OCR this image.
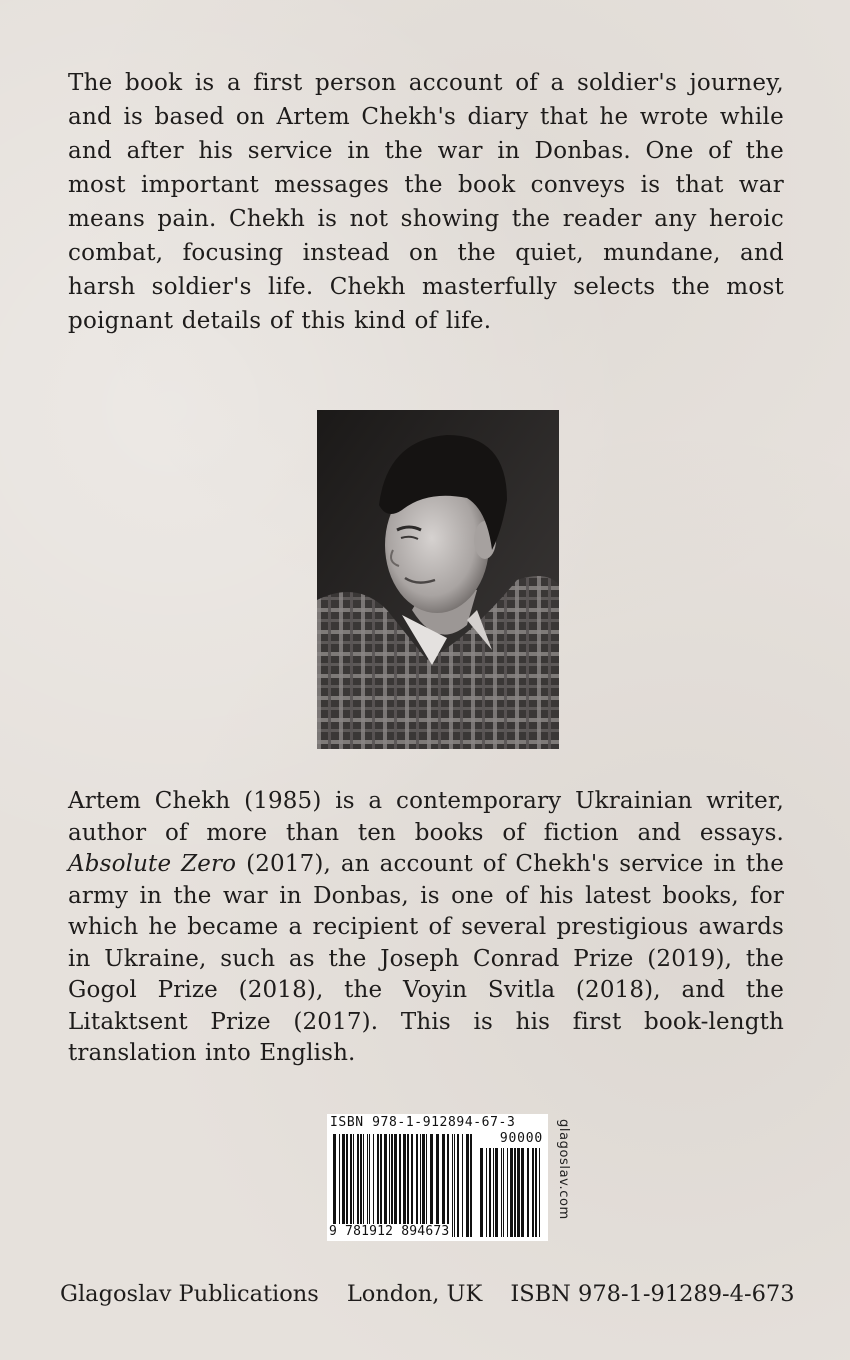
The book is a first person account of a soldier's journey, and is based on Artem Chekh's diary that he wrote while and after his service in the war in Donbas. One of the most important messages the book conveys is that war means pain. Chekh is not showing the reader any heroic combat, focusing instead on the quiet, mundane, and harsh soldier's life. Chekh masterfully selects the most poignant details of this kind of life.

Artem Chekh (1985) is a contemporary Ukrainian writer, author of more than ten books of fiction and essays. Absolute Zero (2017), an account of Chekh's service in the army in the war in Donbas, is one of his latest books, for which he became a recipient of several prestigious awards in Ukraine, such as the Joseph Conrad Prize (2019), the Gogol Prize (2018), the Voyin Svitla (2018), and the Litaktsent Prize (2017). This is his first book-length translation into English.

ISBN 978-1-912894-67-3
90000
9 781912 894673
glagoslav.com
Glagoslav Publications London, UK ISBN 978-1-91289-4-673
